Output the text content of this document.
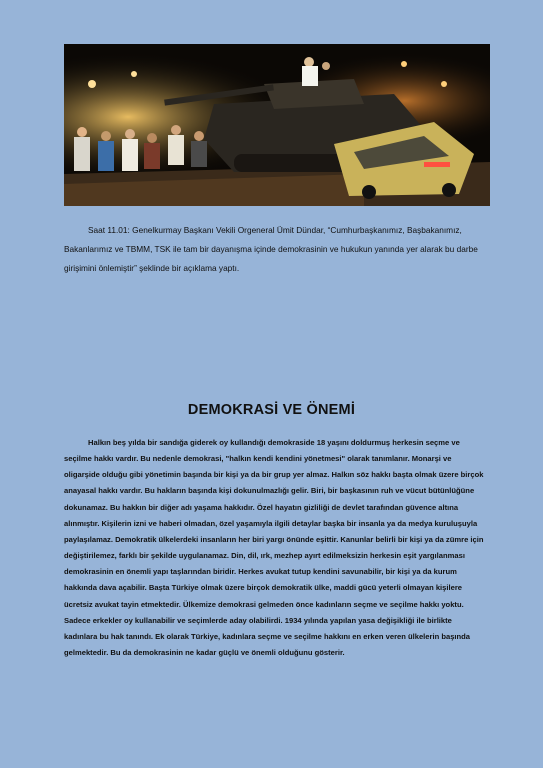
Saat 11.01: Genelkurmay Başkanı Vekili Orgeneral Ümit Dündar, “Cumhurbaşkanımız, Başbakanımız, Bakanlarımız ve TBMM, TSK ile tam bir dayanışma içinde demokrasinin ve hukukun yanında yer alarak bu darbe girişimini önlemiştir” şeklinde bir açıklama yaptı.

DEMOKRASİ VE ÖNEMİ

Halkın beş yılda bir sandığa giderek oy kullandığı demokraside 18 yaşını doldurmuş herkesin seçme ve seçilme hakkı vardır. Bu nedenle demokrasi, "halkın kendi kendini yönetmesi" olarak tanımlanır. Monarşi ve oligarşide olduğu gibi yönetimin başında bir kişi ya da bir grup yer almaz. Halkın söz hakkı başta olmak üzere birçok anayasal hakkı vardır. Bu hakların başında kişi dokunulmazlığı gelir. Biri, bir başkasının ruh ve vücut bütünlüğüne dokunamaz. Bu hakkın bir diğer adı yaşama hakkıdır. Özel hayatın gizliliği de devlet tarafından güvence altına alınmıştır. Kişilerin izni ve haberi olmadan, özel yaşamıyla ilgili detaylar başka bir insanla ya da medya kuruluşuyla paylaşılamaz. Demokratik ülkelerdeki insanların her biri yargı önünde eşittir. Kanunlar belirli bir kişi ya da zümre için değiştirilemez, farklı bir şekilde uygulanamaz. Din, dil, ırk, mezhep ayırt edilmeksizin herkesin eşit yargılanması demokrasinin en önemli yapı taşlarından biridir. Herkes avukat tutup kendini savunabilir, bir kişi ya da kurum hakkında dava açabilir. Başta Türkiye olmak üzere birçok demokratik ülke, maddi gücü yeterli olmayan kişilere ücretsiz avukat tayin etmektedir. Ülkemize demokrasi gelmeden önce kadınların seçme ve seçilme hakkı yoktu. Sadece erkekler oy kullanabilir ve seçimlerde aday olabilirdi. 1934 yılında yapılan yasa değişikliği ile birlikte kadınlara bu hak tanındı. Ek olarak Türkiye, kadınlara seçme ve seçilme hakkını en erken veren ülkelerin başında gelmektedir. Bu da demokrasinin ne kadar güçlü ve önemli olduğunu gösterir.
